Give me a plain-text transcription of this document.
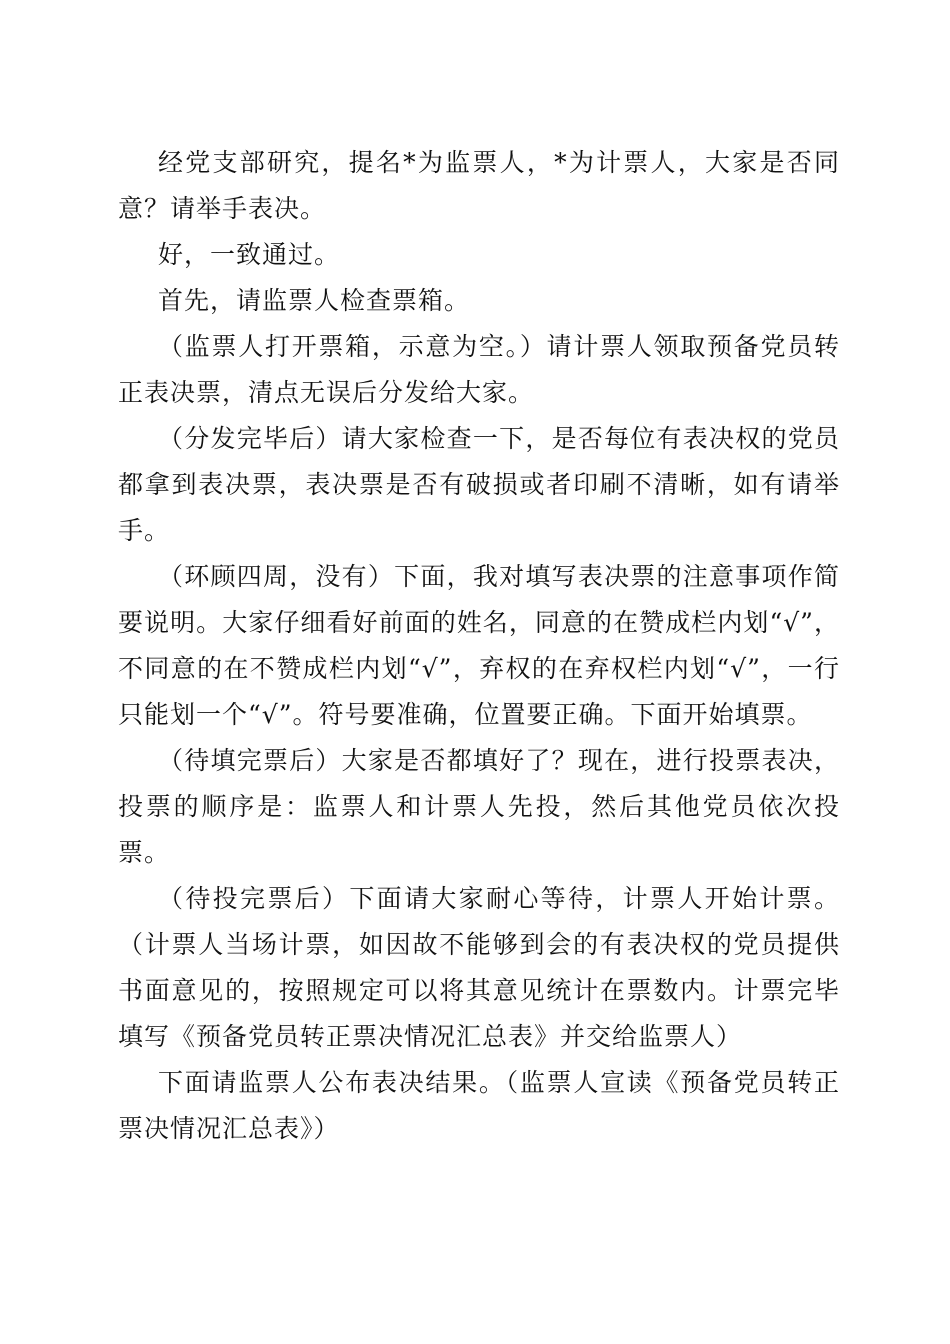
经党支部研究，提名*为监票人，*为计票人，大家是否同意？请举手表决。

好，一致通过。

首先，请监票人检查票箱。

（监票人打开票箱，示意为空。）请计票人领取预备党员转正表决票，清点无误后分发给大家。

（分发完毕后）请大家检查一下，是否每位有表决权的党员都拿到表决票，表决票是否有破损或者印刷不清晰，如有请举手。

（环顾四周，没有）下面，我对填写表决票的注意事项作简要说明。大家仔细看好前面的姓名，同意的在赞成栏内划“√”，不同意的在不赞成栏内划“√”，弃权的在弃权栏内划“√”，一行只能划一个“√”。符号要准确，位置要正确。下面开始填票。

（待填完票后）大家是否都填好了？现在，进行投票表决，投票的顺序是：监票人和计票人先投，然后其他党员依次投票。

（待投完票后）下面请大家耐心等待，计票人开始计票。（计票人当场计票，如因故不能够到会的有表决权的党员提供书面意见的，按照规定可以将其意见统计在票数内。计票完毕填写《预备党员转正票决情况汇总表》并交给监票人）

下面请监票人公布表决结果。（监票人宣读《预备党员转正票决情况汇总表》）
